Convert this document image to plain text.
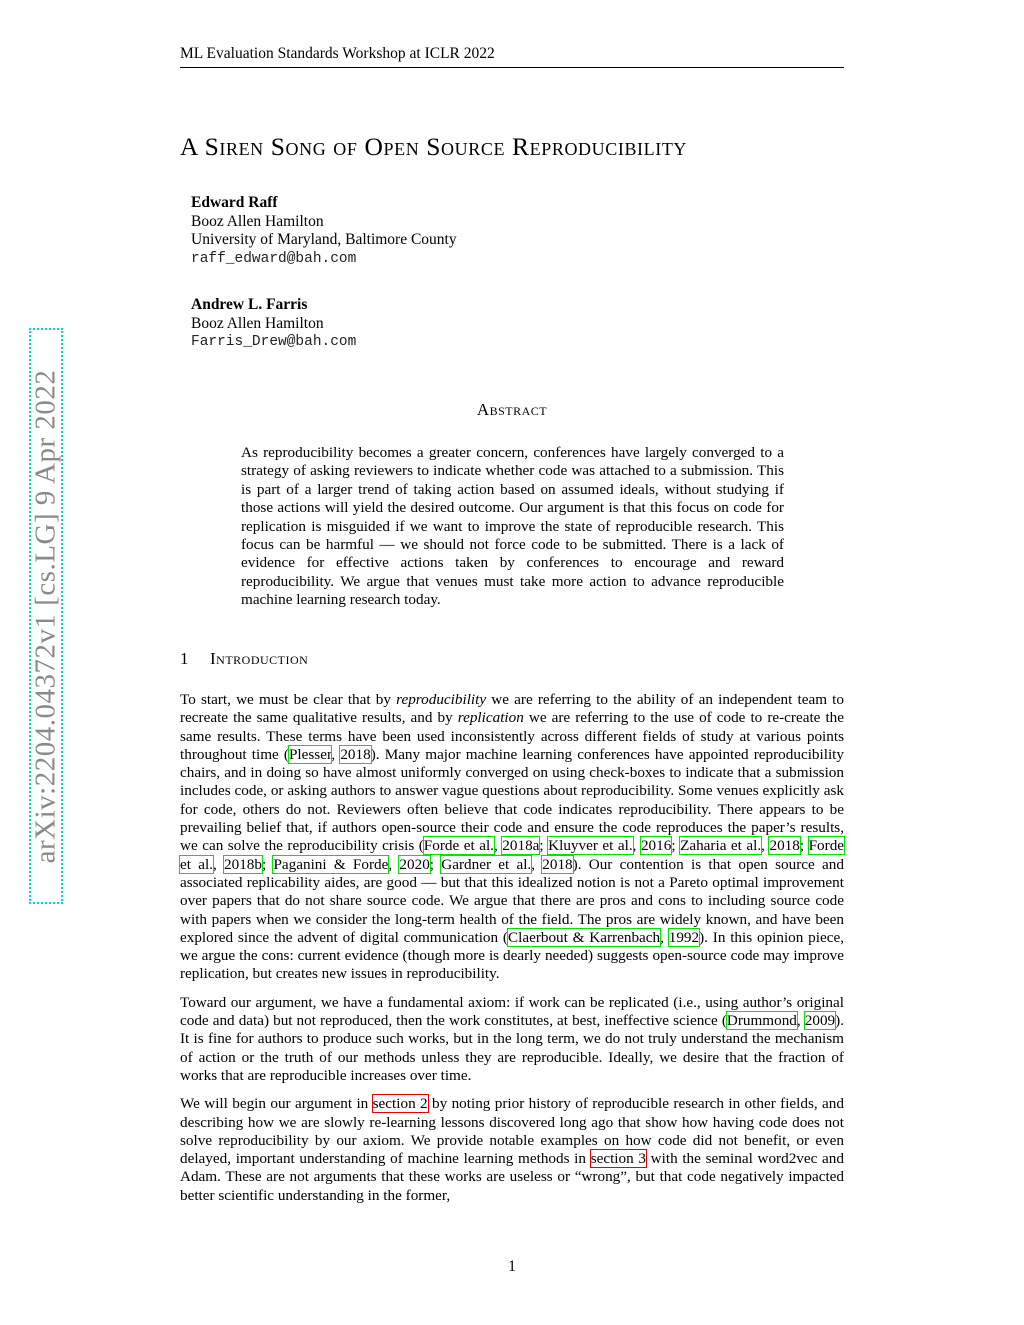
arXiv:2204.04372v1 [cs.LG] 9 Apr 2022
ML Evaluation Standards Workshop at ICLR 2022
A Siren Song of Open Source Reproducibility
Edward Raff
Booz Allen Hamilton
University of Maryland, Baltimore County
raff_edward@bah.com
Andrew L. Farris
Booz Allen Hamilton
Farris_Drew@bah.com
Abstract
As reproducibility becomes a greater concern, conferences have largely converged to a strategy of asking reviewers to indicate whether code was attached to a submission. This is part of a larger trend of taking action based on assumed ideals, without studying if those actions will yield the desired outcome. Our argument is that this focus on code for replication is misguided if we want to improve the state of reproducible research. This focus can be harmful — we should not force code to be submitted. There is a lack of evidence for effective actions taken by conferences to encourage and reward reproducibility. We argue that venues must take more action to advance reproducible machine learning research today.
1 Introduction

To start, we must be clear that by reproducibility we are referring to the ability of an independent team to recreate the same qualitative results, and by replication we are referring to the use of code to re-create the same results. These terms have been used inconsistently across different fields of study at various points throughout time (Plesser, 2018). Many major machine learning conferences have appointed reproducibility chairs, and in doing so have almost uniformly converged on using check-boxes to indicate that a submission includes code, or asking authors to answer vague questions about reproducibility. Some venues explicitly ask for code, others do not. Reviewers often believe that code indicates reproducibility. There appears to be prevailing belief that, if authors open-source their code and ensure the code reproduces the paper’s results, we can solve the reproducibility crisis (Forde et al., 2018a; Kluyver et al., 2016; Zaharia et al., 2018; Forde et al., 2018b; Paganini & Forde, 2020; Gardner et al., 2018). Our contention is that open source and associated replicability aides, are good — but that this idealized notion is not a Pareto optimal improvement over papers that do not share source code. We argue that there are pros and cons to including source code with papers when we consider the long-term health of the field. The pros are widely known, and have been explored since the advent of digital communication (Claerbout & Karrenbach, 1992). In this opinion piece, we argue the cons: current evidence (though more is dearly needed) suggests open-source code may improve replication, but creates new issues in reproducibility.

Toward our argument, we have a fundamental axiom: if work can be replicated (i.e., using author’s original code and data) but not reproduced, then the work constitutes, at best, ineffective science (Drummond, 2009). It is fine for authors to produce such works, but in the long term, we do not truly understand the mechanism of action or the truth of our methods unless they are reproducible. Ideally, we desire that the fraction of works that are reproducible increases over time.

We will begin our argument in section 2 by noting prior history of reproducible research in other fields, and describing how we are slowly re-learning lessons discovered long ago that show how having code does not solve reproducibility by our axiom. We provide notable examples on how code did not benefit, or even delayed, important understanding of machine learning methods in section 3 with the seminal word2vec and Adam. These are not arguments that these works are useless or “wrong”, but that code negatively impacted better scientific understanding in the former,

1
